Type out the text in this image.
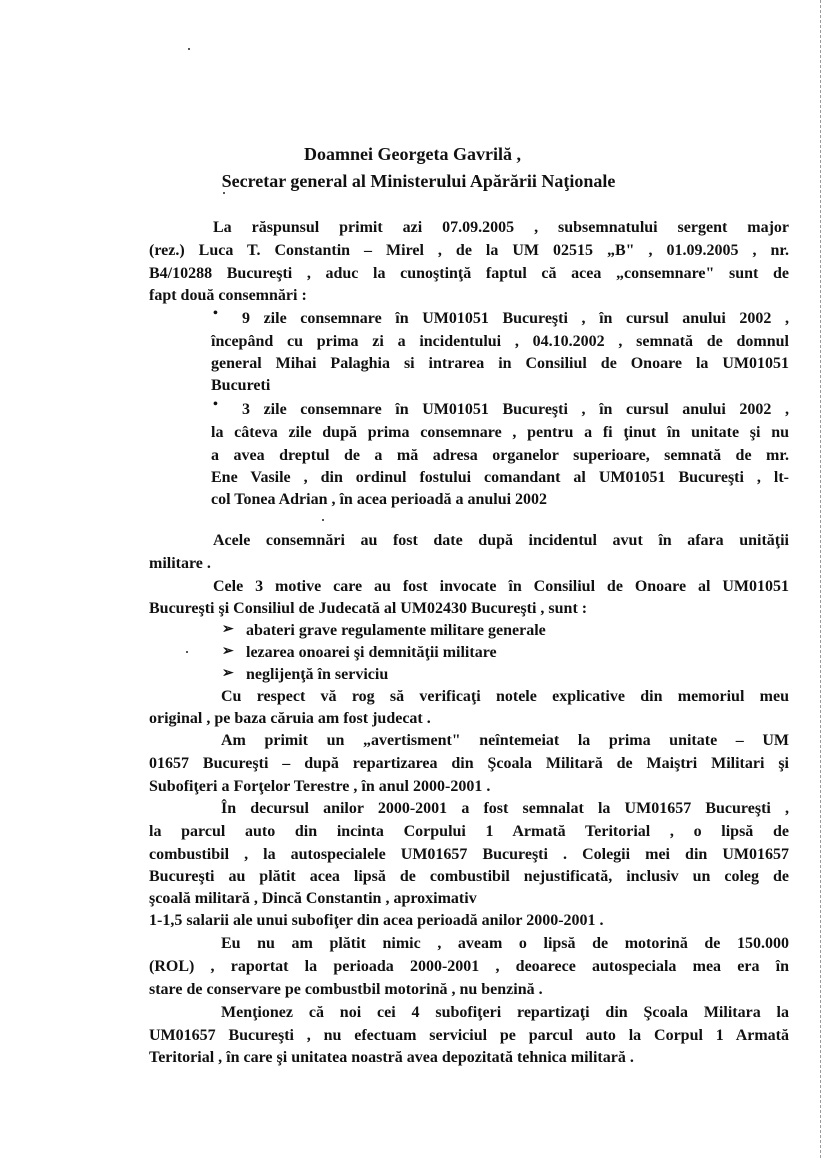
Doamnei Georgeta Gavrilă ,
Secretar general al Ministerului Apărării Naţionale
La răspunsul primit azi 07.09.2005 , subsemnatului sergent major
(rez.) Luca T. Constantin – Mirel , de la UM 02515 „B" , 01.09.2005 , nr.
B4/10288 Bucureşti , aduc la cunoştinţă faptul că acea „consemnare" sunt de
fapt două consemnări :
• 9 zile consemnare în UM01051 Bucureşti , în cursul anului 2002 ,
începând cu prima zi a incidentului , 04.10.2002 , semnată de domnul
general Mihai Palaghia si intrarea in Consiliul de Onoare la UM01051
Bucureti
• 3 zile consemnare în UM01051 Bucureşti , în cursul anului 2002 ,
la câteva zile după prima consemnare , pentru a fi ţinut în unitate şi nu
a avea dreptul de a mă adresa organelor superioare, semnată de mr.
Ene Vasile , din ordinul fostului comandant al UM01051 Bucureşti , lt-
col Tonea Adrian , în acea perioadă a anului 2002
Acele consemnări au fost date după incidentul avut în afara unităţii
militare .
Cele 3 motive care au fost invocate în Consiliul de Onoare al UM01051
Bucureşti şi Consiliul de Judecată al UM02430 Bucureşti , sunt :
➢ abateri grave regulamente militare generale
➢ lezarea onoarei şi demnităţii militare
➢ neglijenţă în serviciu
Cu respect vă rog să verificaţi notele explicative din memoriul meu
original , pe baza căruia am fost judecat .
Am primit un „avertisment" neîntemeiat la prima unitate – UM
01657 Bucureşti – după repartizarea din Şcoala Militară de Maiştri Militari şi
Subofiţeri a Forţelor Terestre , în anul 2000-2001 .
În decursul anilor 2000-2001 a fost semnalat la UM01657 Bucureşti ,
la parcul auto din incinta Corpului 1 Armată Teritorial , o lipsă de
combustibil , la autospecialele UM01657 Bucureşti . Colegii mei din UM01657
Bucureşti au plătit acea lipsă de combustibil nejustificată, inclusiv un coleg de
şcoală militară , Dincă Constantin , aproximativ
1-1,5 salarii ale unui subofiţer din acea perioadă anilor 2000-2001 .
Eu nu am plătit nimic , aveam o lipsă de motorină de 150.000
(ROL) , raportat la perioada 2000-2001 , deoarece autospeciala mea era în
stare de conservare pe combustbil motorină , nu benzină .
Menţionez că noi cei 4 subofiţeri repartizaţi din Şcoala Militara la
UM01657 Bucureşti , nu efectuam serviciul pe parcul auto la Corpul 1 Armată
Teritorial , în care şi unitatea noastră avea depozitată tehnica militară .
